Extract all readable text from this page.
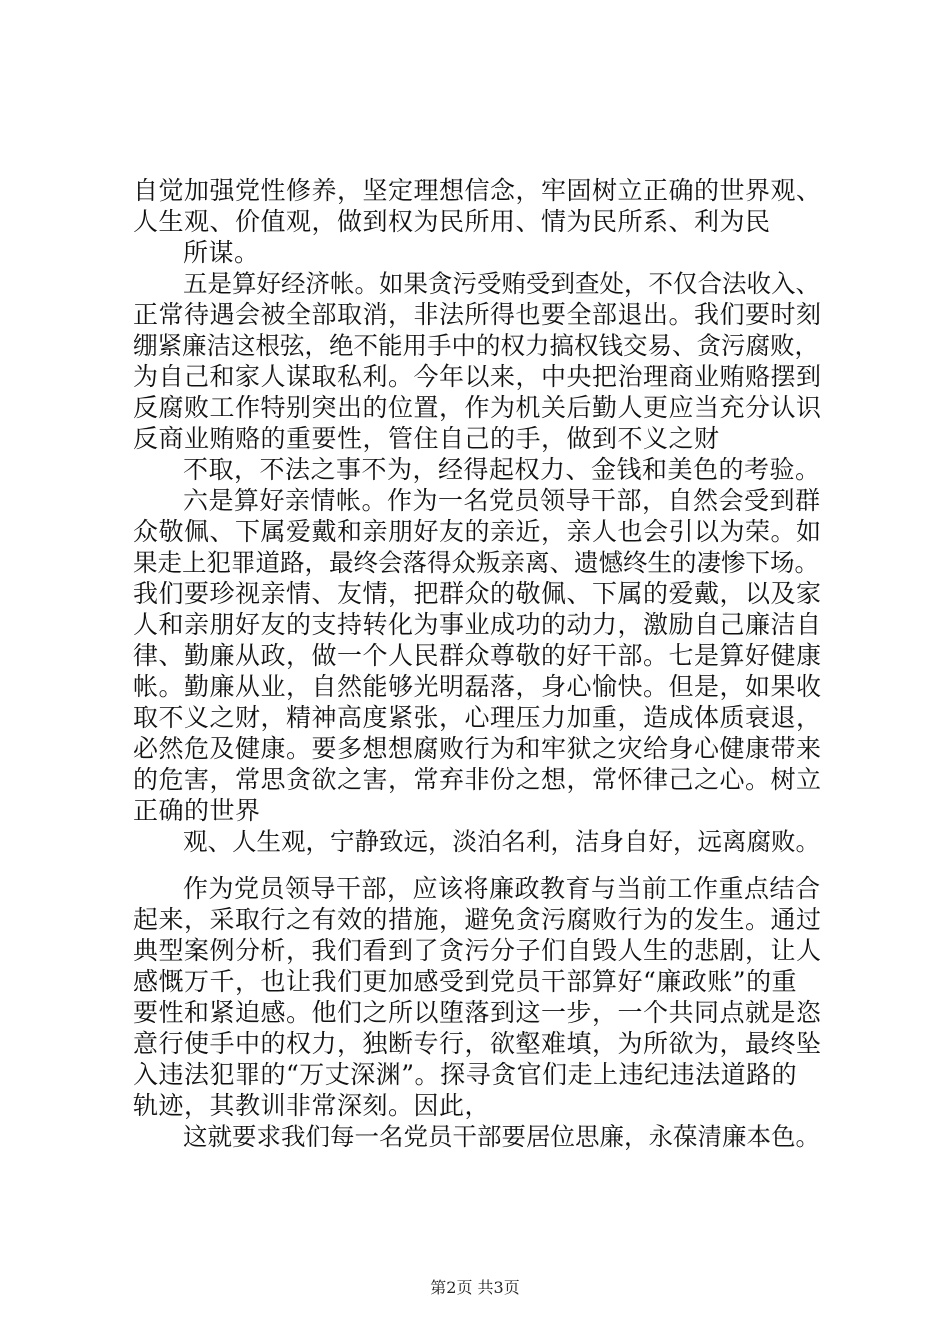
自觉加强党性修养，坚定理想信念，牢固树立正确的世界观、
人生观、价值观，做到权为民所用、情为民所系、利为民
所谋。
五是算好经济帐。如果贪污受贿受到查处，不仅合法收入、
正常待遇会被全部取消，非法所得也要全部退出。我们要时刻
绷紧廉洁这根弦，绝不能用手中的权力搞权钱交易、贪污腐败，
为自己和家人谋取私利。今年以来，中央把治理商业贿赂摆到
反腐败工作特别突出的位置，作为机关后勤人更应当充分认识
反商业贿赂的重要性，管住自己的手，做到不义之财
不取，不法之事不为，经得起权力、金钱和美色的考验。
六是算好亲情帐。作为一名党员领导干部，自然会受到群
众敬佩、下属爱戴和亲朋好友的亲近，亲人也会引以为荣。如
果走上犯罪道路，最终会落得众叛亲离、遗憾终生的凄惨下场。
我们要珍视亲情、友情，把群众的敬佩、下属的爱戴，以及家
人和亲朋好友的支持转化为事业成功的动力，激励自己廉洁自
律、勤廉从政，做一个人民群众尊敬的好干部。七是算好健康
帐。勤廉从业，自然能够光明磊落，身心愉快。但是，如果收
取不义之财，精神高度紧张，心理压力加重，造成体质衰退，
必然危及健康。要多想想腐败行为和牢狱之灾给身心健康带来
的危害，常思贪欲之害，常弃非份之想，常怀律己之心。树立
正确的世界
观、人生观，宁静致远，淡泊名利，洁身自好，远离腐败。
作为党员领导干部，应该将廉政教育与当前工作重点结合
起来，采取行之有效的措施，避免贪污腐败行为的发生。通过
典型案例分析，我们看到了贪污分子们自毁人生的悲剧，让人
感慨万千，也让我们更加感受到党员干部算好“廉政账”的重
要性和紧迫感。他们之所以堕落到这一步，一个共同点就是恣
意行使手中的权力，独断专行，欲壑难填，为所欲为，最终坠
入违法犯罪的“万丈深渊”。探寻贪官们走上违纪违法道路的
轨迹，其教训非常深刻。因此，
这就要求我们每一名党员干部要居位思廉，永葆清廉本色。
第2页 共3页
